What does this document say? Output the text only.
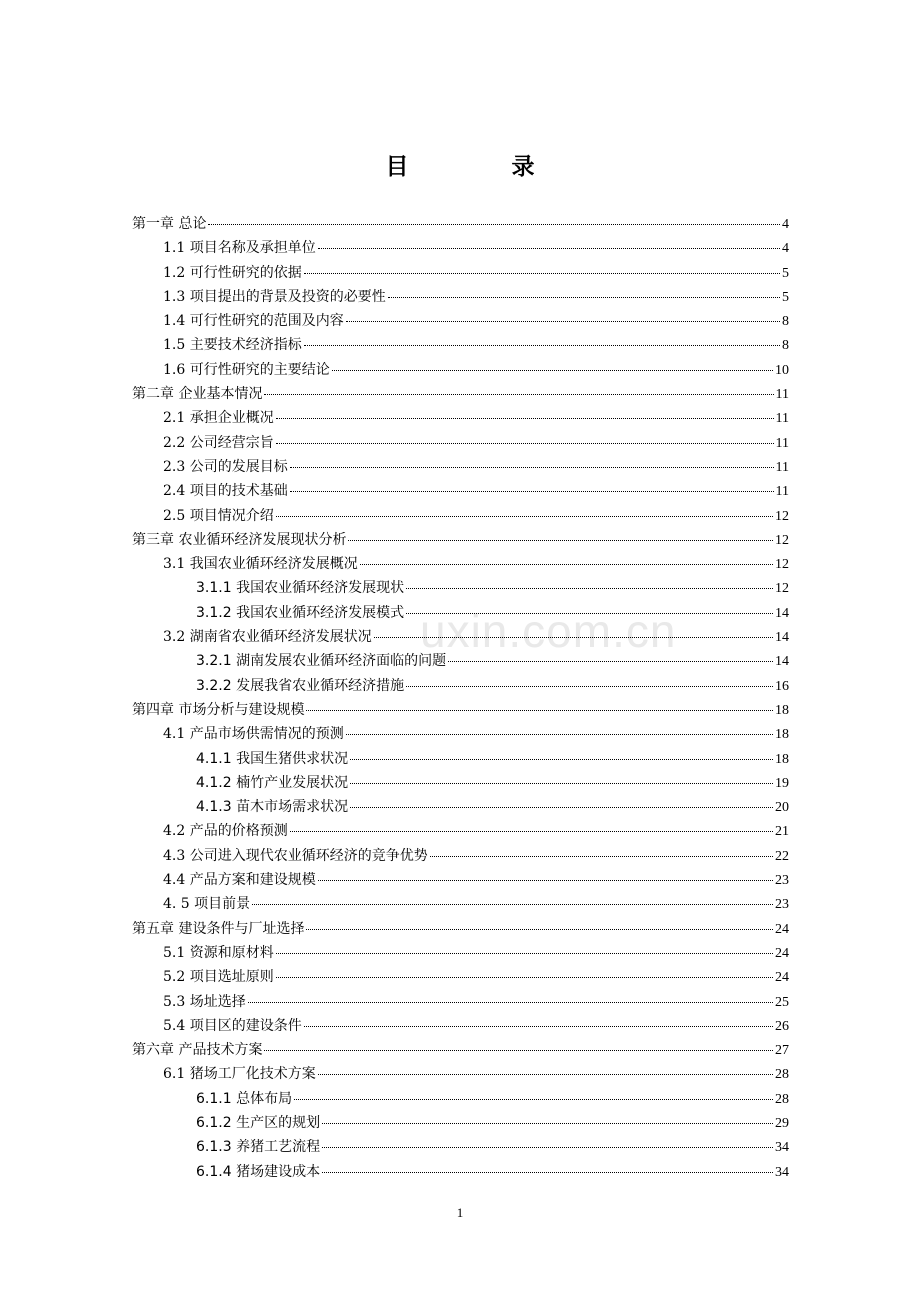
uxin.com.cn
目　录
第一章 总论	4
1.1 项目名称及承担单位	4
1.2 可行性研究的依据	5
1.3 项目提出的背景及投资的必要性	5
1.4 可行性研究的范围及内容	8
1.5 主要技术经济指标	8
1.6 可行性研究的主要结论	10
第二章 企业基本情况	11
2.1 承担企业概况	11
2.2 公司经营宗旨	11
2.3 公司的发展目标	11
2.4 项目的技术基础	11
2.5 项目情况介绍	12
第三章 农业循环经济发展现状分析	12
3.1 我国农业循环经济发展概况	12
3.1.1 我国农业循环经济发展现状	12
3.1.2 我国农业循环经济发展模式	14
3.2 湖南省农业循环经济发展状况	14
3.2.1 湖南发展农业循环经济面临的问题	14
3.2.2 发展我省农业循环经济措施	16
第四章 市场分析与建设规模	18
4.1 产品市场供需情况的预测	18
4.1.1 我国生猪供求状况	18
4.1.2 楠竹产业发展状况	19
4.1.3 苗木市场需求状况	20
4.2 产品的价格预测	21
4.3 公司进入现代农业循环经济的竞争优势	22
4.4 产品方案和建设规模	23
4. 5 项目前景	23
第五章 建设条件与厂址选择	24
5.1 资源和原材料	24
5.2 项目选址原则	24
5.3 场址选择	25
5.4 项目区的建设条件	26
第六章 产品技术方案	27
6.1 猪场工厂化技术方案	28
6.1.1 总体布局	28
6.1.2 生产区的规划	29
6.1.3 养猪工艺流程	34
6.1.4 猪场建设成本	34
1
